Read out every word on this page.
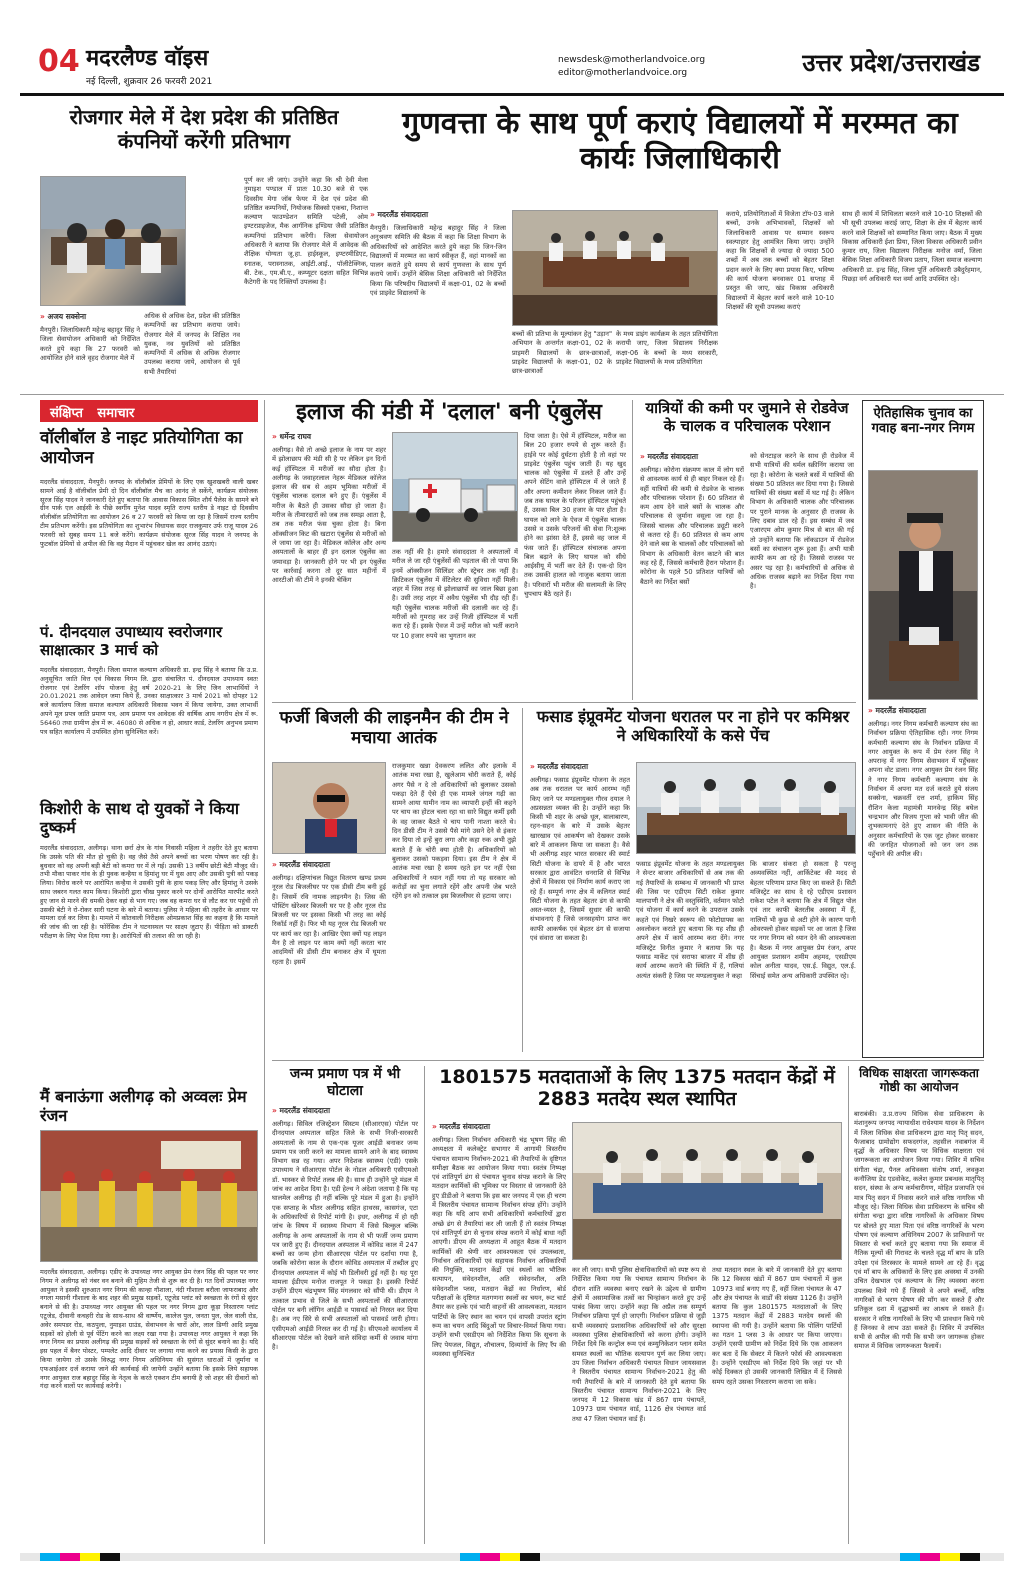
04 मदरलैण्ड वॉइस
नई दिल्ली, शुक्रवार 26 फरवरी 2021
newsdesk@motherlandvoice.org
editor@motherlandvoice.org	उत्तर प्रदेश/उत्तराखंड
रोजगार मेले में देश प्रदेश की प्रतिष्ठित कंपनियों करेंगी प्रतिभाग
पूर्ण कर ली जाएं। उन्होंने कहा कि श्री देवी मेला नुमाइश पण्डाल में प्रातः 10.30 बजे से एक दिवसीय मेगा जॉब फेयर में देश एवं प्रदेश की प्रतिष्ठित कम्पनियों, नियोजक सिक्सो एकचा, निशान्त कल्याण फाउण्डेशन समिति पटेली, ओम इण्टरप्राइजेज, मैक आर्गनिक इण्डिया जैसी प्रतिष्ठित कम्पनियां प्रतिभाग करेंगी। जिला सेवायोजन अधिकारी ने बताया कि रोजगार मेले में आवेदक की शैक्षिक योग्यता जू.हा. हाईस्कूल, इण्टरमीडिएट, स्नातक, परास्नातक, आईटी.आई., पॉलीटेक्निक, बी. टेक., एम.बी.ए., कम्प्यूटर दक्षता सहित विभिन्न कैटेगरी के पद रिक्तियाँ उपलब्ध है।
» अजय सक्सेना
मैनपुरी। जिलाधिकारी महेन्द्र बहादुर सिंह ने जिला सेवायोजन अधिकारी को निर्देशित करते हुये कहा कि 27 फरवरी को आयोजित होने वाले वृहद रोजगार मेले में
अधिक से अधिक देश, प्रदेश की प्रतिष्ठित कम्पनियों का प्रतिभाग कराया जाये। रोजगार मेले में जनपद के शिक्षित नव युवक, नव युवतियों को प्रतिष्ठित कम्पनियों में अधिक से अधिक रोजगार उपलब्ध कराया जाये, आयोजन से पूर्व सभी तैयारियां
गुणवत्ता के साथ पूर्ण कराएं विद्यालयों में मरम्मत का कार्यः जिलाधिकारी
» मदरलैंड संवाददाता
मैनपुरी। जिलाधिकारी महेन्द्र बहादुर सिंह ने जिला अनुश्रवण समिति की बैठक में कहा कि शिक्षा विभाग के अधिकारियों को आदेशित करते हुये कहा कि जिन-जिन विद्यालयों में मरम्मत का कार्य स्वीकृत हैं, वहां मानकों का पालन कराते हुये समय से कार्य गुणवत्ता के साथ पूर्ण कराये जायें। उन्होंने बेसिक शिक्षा अधिकारी को निर्देशित किया कि परिषदीय विद्यालयों में कक्षा-01, 02 के बच्चों एवं प्राइवेट विद्यालयों के
बच्चों की प्रतिभा के मूल्यांकन हेतु "उड़ान" अभियान के अन्तर्गत कक्षा-01, 02 के प्राइमरी विद्यालयों के छात्र-छात्राओं, प्राइवेट विद्यालयों के कक्षा-01, 02 के छात्र-छात्राओं
के मध्य डाइंग कार्यक्रम के तहत प्रतियोगिता करायी जाए, जिला विद्यालय निरीक्षक कक्षा-06 के बच्चों के मध्य सरकारी, प्राइवेट विद्यालयों के मध्य प्रतियोगिता
कराये, प्रतियोगिताओं में विजेता टॉप-03 वाले बच्चों, उनके अभिभावकों, शिक्षकों को जिलाधिकारी आवास पर सम्मान स्वरूप स्वल्पाहार हेतु आमंत्रित किया जाए। उन्होंने कहा कि शिक्षकों से ज्यादा से ज्यादा 500 शब्दों में अब तक बच्चों को बेहतर शिक्षा प्रदान करने के लिए क्या प्रयास किए, भविष्य की कार्य योजना बनवाकर 01 सप्ताह में प्रस्तुत की जाए, खंड विकास अधिकारी विद्यालयों में बेहतर कार्य करने वाले 10-10 शिक्षकों की सूची उपलब्ध कराएं
साथ ही कार्य में शिथिलता बरतने वाले 10-10 शिक्षकों की भी सूची उपलब्ध कराई जाए, शिक्षा के क्षेत्र में बेहतर कार्य करने वाले शिक्षकों को सम्मानित किया जाए। बैठक में मुख्य विकास अधिकारी ईशा प्रिया, जिला विकास अधिकारी प्रवीन कुमार राय, जिला विद्यालय निरीक्षक मनोज वर्मा, जिला बेसिक शिक्षा अधिकारी विजय प्रताप, जिला समाज कल्याण अधिकारी डा. इन्द्र सिंह, जिला पूर्ति अधिकारी उबैदुर्रहमान, पिछड़ा वर्ग अधिकारी यश वर्मा आदि उपस्थित रहे।
संक्षिप्त समाचार
वॉलीबॉल डे नाइट प्रतियोगिता का आयोजन
मदरलैंड संवाददाता, मैनपुरी। जनपद के वॉलीबॉल प्रेमियों के लिए एक खुशखबरी वाली खबर सामने आई है वॉलीबॉल प्रेमी दो दिन वॉलीबॉल मैच का आनंद ले सकेंगे, कार्यक्रम संयोजक सूरज सिंह यादव ने जानकारी देते हुए बताया कि आवास विकास स्थित शौर्य पैलेस के सामने बने ग्रीन पार्क एल आईसी के पीछे स्वर्गीय मुनेश यादव स्मृति राज्य स्तरीय डे नाइट दो दिवसीय वॉलीबॉल प्रतियोगिता का आयोजन 26 व 27 फरवरी को किया जा रहा है जिसमें राज्य स्तरीय टीम प्रतिभाग करेंगी। इस प्रतियोगिता का शुभारंभ विधायक सदर राजकुमार उर्फ राजू यादव 26 फरवरी को सुबह समय 11 बजे करेंगे। कार्यक्रम संयोजक सूरज सिंह यादव ने जनपद के फुटबॉल प्रेमियों से अपील की कि वह मैदान में पहुंचकर खेल का आनंद उठाएं।
पं. दीनदयाल उपाध्याय स्वरोजगार साक्षात्कार 3 मार्च को
मदरलैंड संवाददाता, मैनपुरी। जिला समाज कल्याण अधिकारी डा. इन्द्र सिंह ने बताया कि उ.प्र. अनुसूचित जाति वित्त एवं विकास निगम लि. द्वारा संचालित पं. दीनदयाल उपाध्याय स्वतः रोजगार एवं टेलरिंग शॉप योजना हेतु वर्ष 2020-21 के लिए जिन लाभार्थियों ने 20.01.2021 तक आवेदन जमा किये हैं, उनका साक्षात्कार 3 मार्च 2021 को दोपहर 12 बजे कार्यालय जिला समाज कल्याण अधिकारी विकास भवन में किया जायेगा, उक्त लाभार्थी अपने मूल प्रपत्र जाति प्रमाण पत्र, आय प्रमाण पत्र आवेदक की वार्षिक आय नगरीय क्षेत्र में रू. 56460 तथा ग्रामीण क्षेत्र में रू. 46080 से अधिक न हो, आधार कार्ड, टेलरिंग अनुभव प्रमाण पत्र सहित कार्यालय में उपस्थित होना सुनिश्चित करें।
किशोरी के साथ दो युवकों ने किया दुष्कर्म
मदरलैंड संवाददाता, अलीगढ़। थाना छर्रा क्षेत्र के गांव निवासी महिला ने तहरीर देते हुए बताया कि उसके पति की मौत हो चुकी है। वह जैसे तैसे अपने बच्चों का भरण पोषण कर रही है। बुधवार को वह अपनी बड़ी बेटी को कमरा घर में ले गई। उसकी 13 वर्षीय छोटी बेटी मौजूद थी। तभी मौका पाकर गांव के ही युवक कन्हैया व हिमांशु घर में घुस आए और उसकी पुत्री को पकड़ लिया। विरोध करने पर आरोपित कन्हैया ने उसकी पुत्री के हाथ पकड़ लिए और हिमांशु ने उसके साथ जबरन गलत काम किया। किशोरी द्वारा चीख पुकार करने पर दोनों आरोपित मारपीट करते हुए जान से मारने की धमकी देकर वहां से भाग गए। जब वह कमरा घर से लौट कर घर पहुंची तो उसकी बेटी ने रो-रोकर सारी घटना के बारे में बताया। पुलिस ने महिला की तहरीर के आधार पर मामला दर्ज कर लिया है। मामले में कोतवाली निरीक्षक ओमप्रकाश सिंह का कहना है कि मामले की जांच की जा रही है। फोरेंसिक टीम ने घटनास्थल पर साक्ष्य जुटाए हैं। पीड़िता को डाक्टरी परीक्षण के लिए भेज दिया गया है। आरोपितों की तलाश की जा रही है।
मैं बनाऊंगा अलीगढ़ को अव्वलः प्रेम रंजन
मदरलैंड संवाददाता, अलीगढ़। एडीए के उपाध्यक्ष नगर आयुक्त प्रेम रंजन सिंह की पहल पर नगर निगम ने अलीगढ़ को नंबर वन बनाने की मुहिम तेजी से शुरू कर दी है। गत दिनों उपाध्यक्ष नगर आयुक्त ने इसकी शुरुआत नगर निगम की कान्हा गौशाला, नंदी गौशाला बरौला जाफराबाद और नगला मसानी गौशाला के बाद शहर की प्रमुख सड़कों, एटूजेड प्लांट को स्वच्छता के रंगों से सुंदर बनाने से की है। उपाध्यक्ष नगर आयुक्त की पहल पर नगर निगम द्वारा कूड़ा निस्तारण प्लांट एटूजेड, दीवानी कचहरी रोड के साथ-साथ श्री वार्ष्णेय, कालेज पुल, जनता पुल, जेल वाली रोड, अवेर समपडर रोड, कठपुला, नुमाइश ग्राउंड, सेवाभवन के चारों ओर, लाल डिग्गी आदि प्रमुख सड़कों को होली से पूर्व पेंटिंग करने का लक्ष्य रखा गया है। उपाध्यक्ष नगर आयुक्त ने कहा कि नगर निगम का प्रयास अलीगढ़ की प्रमुख सड़कों को स्वच्छता के रंगों से सुंदर बनाने का है। यदि इस पहल में बैनर पोस्टर, पम्पलेट आदि दीवार पर लगाया गया करने का प्रयास किसी के द्वारा किया जायेगा तो उसके विरुद्ध नगर निगम अधिनियम की सुसंगत धाराओं में जुर्माना व एफआईआर दर्ज कराया जाने की कार्यवाई की जायेगी उन्होंने बताया कि इसके लिये सहायक नगर आयुक्त राज बहादुर सिंह के नेतृत्व के करते एक्शन टीम बनायी है जो शहर की दीवारों को गंदा करने वालों पर कार्यवाई करेगी।
इलाज की मंडी में 'दलाल' बनी एंबुलेंस
» धर्मेन्द्र राघव
अलीगढ़। वैसे तो अच्छे इलाज के नाम पर शहर में झोलाछाप की मंडी सी है पर लेकिन इन दिनों कई हॉस्पिटल में मरीजों का सौदा होता है। अलीगढ़ के जवाहरलाल नेहरू मेडिकल कॉलेज इलाज की सब से अहम भूमिका मरीजों में एंबुलेंस चालक दलाल बने हुए हैं। एंबुलेंस में मरीज के बैठते ही उसका सौदा हो जाता है। मरीज के तीमारदारों को जब तक समझ आता है, तब तक मरीज फंस चुका होता है। बिना ऑक्सीजन किट की खटारा एंबुलेंस से मरीजों को ले जाया जा रहा है। मेडिकल कॉलेज और अन्य अस्पतालों के बाहर ही इन दलाल एंबुलेंस का जमावड़ा है। जानकारी होने पर भी इन एंबुलेंस पर कार्रवाई करना तो दूर सात महीनों में आरटीओ की टीमें ने इनकी चेकिंग
तक नहीं की है। हमारे संवाददाता ने अस्पतालों में मरीज ले जा रही एंबुलेंसों की पड़ताल की तो पाया कि इनमें ऑक्सीजन सिलिंडर और स्ट्रेचर तक नहीं है। क्रिटिकल एंबुलेंस में वेंटिलेटर की सुविधा नहीं मिली। शहर में जिस तरह से झोलाछापों का जाल बिछा हुआ है। उसी तरह शहर में अवैध एंबुलेंस भी दौड़ रही हैं। यही एंबुलेंस चालक मरीजों की दलाली कर रहे हैं। मरीजों को गुमराह कर उन्हें निजी हॉस्पिटल में भर्ती करा रहे हैं। इसके ऐवज में उन्हें मरीज को भर्ती कराने पर 10 हजार रुपये का भुगतान कर
दिया जाता है। ऐसे में हॉस्पिटल, मरीज का बिल 20 हजार रुपये से शुरू करते हैं। हाईवे पर कोई दुर्घटना होती है तो वहां पर प्राइवेट एंबुलेंस पहुंच जाती हैं। यह खुद चालक को एंबुलेंस में डलते हैं और उन्हें अपने सेटिंग वाले हॉस्पिटल में ले जाते हैं और अपना कमीशन लेकर निकल जाते हैं। जब तक घायल के परिजन हॉस्पिटल पहुंचते हैं, उसका बिल 30 हजार के पार होता है। घायल को लाने के ऐवज में एंबुलेंस चालक उससे व उसके परिजनों की सेवा नि:शुल्क होने का झांसा देते हैं, इससे वह जाल में फंस जाते हैं। हॉस्पिटल संचालक अपना बिल बढ़ाने के लिए घायल को सीधे आईसीयू में भर्ती कर देते हैं। एक-दो दिन तक उसकी हालत को नाजुक बताया जाता है। परिवारों भी मरीज की सलामती के लिए चुपचाप बैठे रहते हैं।
यात्रियों की कमी पर जुमाने से रोडवेज के चालक व परिचालक परेशान
» मदरलैंड संवाददाता
अलीगढ़। कोरोना संक्रमण काल में लोग घरों से आवश्यक कार्य से ही बाहर निकल रहे हैं। वहीं यात्रियों की कमी से रोडवेज के चालक और परिचालक परेशान हैं। 60 प्रतिशत से कम आय देने वाले बसों के चालक और परिचालक से जुर्माना वसूला जा रहा है। जिससे चालक और परिचालक ड्यूटी करने से कतरा रहे हैं। 60 प्रतिशत से कम आय देने वाले बस के चालकों और परिचालकों को विभाग के अधिकारी वेतन काटने की बात कह रहे हैं, जिससे कर्मचारी हैरान परेशान हैं। कोरोना के पहले 50 प्रतिशत यात्रियों को बैठाने का निर्देश बसों
को सेनटाइज करने के साथ ही रोडवेज में सभी यात्रियों की थर्मल स्क्रीनिंग कराया जा रहा है। कोरोना के चलते बसों में यात्रियों की संख्या 50 प्रतिशत कर दिया गया है। जिससे यात्रियों की संख्या बसों में घट गई है। लेकिन विभाग के अधिकारी चालक और परिचालक पर पुराने मानक के अनुसार ही राजस्व के लिए दबाव डाल रहे हैं। इस सम्बंध में जब एआरएम ओम कुमार मिश्र से बात की गई तो उन्होंने बताया कि लॉकडाउन में रोडवेज बसों का संचालन शुरू हुआ हैं। अभी यात्री काफी कम आ रहे हैं। जिससे राजस्व पर असर पड़ रहा है। कर्मचारियों से अधिक से अधिक राजस्व बढ़ाने का निर्देश दिया गया है।
ऐतिहासिक चुनाव का गवाह बना-नगर निगम
» मदरलैंड संवाददाता
अलीगढ़। नगर निगम कर्मचारी कल्याण संघ का निर्वाचन प्रक्रिया ऐतिहासिक रही। नगर निगम कर्मचारी कल्याण संघ के निर्वाचन प्रक्रिया में नगर आयुक्त के रूप में प्रेम रंजन सिंह ने अपरान्ह में नगर निगम सेवाभवन में पहुँचकर अपना वोट डाला। नगर आयुक्त प्रेम रंजन सिंह ने नगर निगम कर्मचारी कल्याण संघ के निर्वाचन में अपना मत दर्ज कराते हुये संजय सक्सेना, चक्रवर्ती दत्त शर्मा, हाकिम सिंह रौशिन केला महामंत्री मानवेन्द्र सिंह बघेल चन्द्रभान और विजय गुप्ता को भावी जीत की शुभकामनाएं देते हुए शासन की नीति के अनुसार कर्मचारियों के एक जुट होकर सरकार की जनहित योजनाओं को जन जन तक पहुँचाने की अपील की।
फर्जी बिजली की लाइनमैन की टीम ने मचाया आतंक
» मदरलैंड संवाददाता
अलीगढ़। दक्षिणांचल विद्युत वितरण खण्ड प्रथम नूरल रोड बिजलीघर पर एक डीसी टीम बनी हुई है। जिसमें रवि नामक लाइनमैन है। जिस की पोस्टिंग खेरेश्वर बिजली घर पर है और नूरल रोड बिजली घर पर इसका किसी भी तरह का कोई रिकॉर्ड नहीं है। फिर भी यह नूरल रोड बिजली घर पर कार्य कर रहा है। आखिर ऐसा क्यों यह लाइन मैन है तो लाइन पर काम क्यों नहीं करता चार आदमियों की डीसी टीम बनाकर क्षेत्र में घूमता रहता है। इसमें
राजकुमार खन्ना देवकरण ललित और इलाके में आतंक मचा रखा है, खुलेआम चोरी कराते हैं, कोई अगर पैसे न दे तो अधिकारियों को बुलाकर उसको पकड़ा देते हैं ऐसे ही एक मामले जंगल गढ़ी का सामने आया यामीन नाम का व्यापारी इन्हीं की कहने पर चाय का होटल चला रहा था सारे विद्युत कर्मी इसी के वह जाकर बैठते थे चाय पानी नाश्ता करते थे। दिन डीसी टीम ने उससे पैसे मांगे उसने देने से इंकार कर दिया तो इन्हें बुरा लगा और कहा रुक अभी तुझे बताते हैं के चोरी क्या होती है। अधिकारियों को बुलाकर उसको पकड़वा दिया। इस टीम ने क्षेत्र में आतंक मचा रखा है समय रहते इन पर नहीं ऐसा अधिकारियों ने ध्यान नहीं गया तो यह सरकार को करोड़ों का चुना लगाते रहेंगे और अपनी जेब भरते रहेंगे इन को तत्काल इस बिजलीघर से हटाया जाए।
फसाड इंप्रूवमेंट योजना धरातल पर ना होने पर कमिश्नर ने अधिकारियों के कसे पेंच
» मदरलैंड संवाददाता
अलीगढ़। फसाड इंप्रूवमेंट योजना के तहत अब तक धरातल पर कार्य आरम्भ नहीं किए जाने पर मण्डलायुक्त गौरव दयाल ने अप्रसन्नता व्यक्त की है। उन्होंने कहा कि किसी भी शहर के अच्छे धूल, बालाबारण, रहन-सहन के बारे में उसके बेहतर खारखाव एवं आकर्षण को देखकर उसके बारे में आकलन किया जा सकता है। वैसे भी अलीगढ़ शहर भारत सरकार की स्मार्ट सिटी योजना के दायरे में है और भारत सरकार द्वारा आवंटित धनराशि से विभिन्न क्षेत्रों में विकास एवं निर्माण कार्य कराए जा रहे हैं। सम्पूर्ण नगर क्षेत्र में कलिगत स्मार्ट सिटी योजना के तहत बेहतर ढंग से काफी अस्त-व्यस्त है, जिसमें सुधार की काफी संभावनाएं हैं जिसे जनसहयोग प्राप्त कर काफी आकर्षक एवं बेहतर ढंग से सजाया एवं संवारा जा सकता है।
फसाड इंप्रूवमेंट योजना के तहत मण्डलायुक्त ने सेन्टर बाजार अधिकारियों से अब तक की गई तैयारियों के सम्बन्ध में जानकारी भी प्राप्त की जिस पर एडीएम सिटी राकेश कुमार मालपाणी ने क्षेत्र की वस्तुस्थिति, वर्तमान फोटो एवं योजना में कार्य करने के उपरान्त उसके कहते एवं निखरे स्वरूप की फोटोग्राफ्स का अवलोकन कराते हुए बताया कि यह शीघ्र ही अपने क्षेत्र में कार्य आरम्भ करा देंगे। नगर मजिस्ट्रेट विनीत कुमार ने बताया कि यह फसाड मार्केट एवं सराफा बाजार में शीघ्र ही कार्य आरम्भ कराने की स्थिति में हैं, गलियां अत्यंत संकरी है जिस पर मण्डलायुक्त ने कहा
कि बाजार संकरा हो सकता है परन्तु अव्यवस्थित नहीं, आर्किटेक्ट की मदद से बेहतर परिणाम प्राप्त किए जा सकते हैं। सिटी मजिस्ट्रेट का साथ दे रहे एडीएम प्रशासन राकेश पटेल ने बताया कि क्षेत्र में विद्युत पोल एवं तार काफी बेतरतीब अवस्था में हैं, नालियों भी कुछ से अटी होने के कारण पानी ओवरफ्लो होकर सड़कों पर आ जाता है जिस पर नगर निगम को ध्यान देने की आवश्यकता है। बैठक में नगर आयुक्त प्रेम रंजन, अपर आयुक्त प्रशासन शमीम अहमद, एसडीएम कोल अनीता यादव, एस.ई. विद्युत, एल.ई. सिंचाई समेत अन्य अधिकारी उपस्थित रहे।
जन्म प्रमाण पत्र में भी घोटाला
» मदरलैंड संवाददाता
अलीगढ़। सिविल रजिस्ट्रेशन सिस्टम (सीआरएस) पोर्टल पर दीनदयाल अस्पताल सहित जिले के सभी निजी-सरकारी अस्पतालों के नाम से एक-एक यूजर आईडी बनाकर जन्म प्रमाण पत्र जारी करने का मामला सामने आने के बाद स्वास्थ्य विभाग सन्न रह गया। अपर निदेशक स्वास्थ्य (एडी) एसके उपाध्याय ने सीआरएस पोर्टल के नोडल अधिकारी एसीएमओ डॉ. भास्कर से रिपोर्ट तलब की है। साथ ही उन्होंने पूरे मंडल में जांच का आदेश दिया है। एडी हेल्थ ने अंदेशा जताया है कि यह घालमेल अलीगढ़ ही नहीं बल्कि पूरे मंडल में हुआ है। इन्होंने एक सप्ताह के भीतर अलीगढ़ सहित हाथरस, कासगंज, एटा के अधिकारियों से रिपोर्ट मांगी है। इधर, अलीगढ़ में हो रही जांच के विषय में स्वास्थ्य विभाग में जिसे बिल्कुल बल्कि अलीगढ़ के अन्य अस्पतालों के नाम से भी फर्जी जन्म प्रमाण पत्र जारी हुए हैं। दीनदयाल अस्पताल में कोविड काल में 247 बच्चों का जन्म होना सीआरएस पोर्टल पर दर्शाया गया है, जबकि कोरोना काल के दौरान कोविड अस्पताल में तब्दील हुए दीनदयाल अस्पताल में कोई भी डिलीवरी हुई नहीं है। यह पूरा मामला ईडीएम मनोज राजपूत ने पकड़ा है। इसकी रिपोर्ट उन्होंने डीएम चंद्रभूषण सिंह मंगलवार को सौंपी थी। डीएम ने तत्काल प्रभाव से जिले के सभी अस्पतालों की सीआरएस पोर्टल पर बनी लॉगिन आईडी व पासवर्ड को निरस्त कर दिया है। अब नए सिरे से सभी अस्पतालों को पासवर्ड जारी होगा। एसीएमओ आईडी निरस्त कर दी गई है। सीएमओ कार्यालय में सीआरएस पोर्टल को देखने वाले संविदा कर्मी से जवाब मांगा है।
1801575 मतदाताओं के लिए 1375 मतदान केंद्रों में 2883 मतदेय स्थल स्थापित
» मदरलैंड संवाददाता
अलीगढ़। जिला निर्वाचन अधिकारी चंद्र भूषण सिंह की अध्यक्षता में कलेक्ट्रेट सभागार में आगामी त्रिस्तरीय पंचायत सामान्य निर्वाचन-2021 की तैयारियों के दृष्टिगत समीक्षा बैठक का आयोजन किया गया। स्वतंत्र निष्पक्ष एवं शांतिपूर्ण ढंग से पंचायत चुनाव संपन्न कराने के लिए मतदान कार्मिकों की भूमिका पर विस्तार से जानकारी देते हुए डीडीओ ने बताया कि इस बार जनपद में एक ही चरण में त्रिस्तरीय पंचायत सामान्य निर्वाचन संपन्न होंगे। उन्होंने कहा कि यदि आप सभी अधिकारियों कर्मचारियों द्वारा अच्छे ढंग से तैयारियां कर ली जाती हैं तो स्वतंत्र निष्पक्ष एवं शांतिपूर्ण ढंग से चुनाव संपन्न कराने में कोई बाधा नहीं आएगी। डीएम की अध्यक्षता में आहूत बैठक में मतदान कार्मिकों की श्रेणी वार आवश्यकता एवं उपलब्धता, निर्वाचन अधिकारियों एवं सहायक निर्वाचन अधिकारियों की नियुक्ति, मतदान केंद्रों एवं स्थलों का भौतिक सत्यापन, संवेदनशील, अति संवेदनशील, अति संवेदनशील प्लस, मतदान केंद्रों का निर्धारण, बोर्ड परीक्षाओं के दृष्टिगत मतगणना स्थलों का चयन, रूट चार्ट तैयार कर हल्के एवं भारी वाहनों की आवश्यकता, मतदान पार्टियों के लिए स्थान का चयन एवं वापसी उपरांत स्ट्रांग रूम का चयन आदि बिंदुओं पर विचार-विमर्श किया गया। उन्होंने सभी एसडीएम को निर्देशित किया कि सूचना के लिए पेयजल, विद्युत, शौचालय, दिव्यांगों के लिए रैंप की व्यवस्था सुनिश्चित
कर ली जाए। सभी पुलिस क्षेत्राधिकारियों को स्पष्ट रूप से निर्देशित किया गया कि पंचायत सामान्य निर्वाचन के दौरान शांति व्यवस्था बनाए रखने के उद्देश्य से ग्रामीण क्षेत्रों में असामाजिक तत्वों का चिन्हांकन करते हुए उन्हें पाबंद किया जाए। उन्होंने कहा कि अप्रैल तक सम्पूर्ण निर्वाचन प्रक्रिया पूर्ण हो जाएगी। निर्वाचन प्रक्रिया से जुड़ी सभी व्यवस्थाएं प्रशासनिक अधिकारियों को और सुरक्षा व्यवस्था पुलिस क्षेत्राधिकारियों को करना होगी। उन्होंने निर्देश दिये कि कन्ट्रोल रूम एवं कम्युनिकेशन प्लान समेत समस्त स्थलों का भौतिक सत्यापन पूर्ण कर लिया जाए। उप जिला निर्वाचन अधिकारी पंचायत विधान जायसवाल ने त्रिस्तरीय पंचायत सामान्य निर्वाचन-2021 हेतु की गयी तैयारियों के बारे में जानकारी देते हुये बताया कि त्रिस्तरीय पंचायत सामान्य निर्वाचन-2021 के लिए जनपद में 12 विकास खंड में 867 ग्राम पंचायतें, 10973 ग्राम पंचायत वार्ड, 1126 क्षेत्र पंचायत वार्ड तथा 47 जिला पंचायत वार्ड हैं।
तथा मतदान स्थल के बारे में जानकारी देते हुए बताया कि 12 विकास खंडों में 867 ग्राम पंचायतों में कुल 10973 वार्ड बनाए गए हैं, वहीं जिला पंचायत के 47 और क्षेत्र पंचायत के वार्डों की संख्या 1126 है। उन्होंने बताया कि कुल 1801575 मतदाताओं के लिए 1375 मतदान केंद्रों में 2883 मतदेय स्थलों की स्थापना की गयी है। उन्होंने बताया कि पोलिंग पार्टियों का गठन 1 प्लस 3 के आधार पर किया जाएगा। उन्होंने एसपी ग्रामीण को निर्देश दिये कि एक आकलन कर बता दें कि सेक्टर में कितने फोर्स की आवश्यकता है। उन्होंने एसडीएम को निर्देश दिये कि जहां पर भी कोई दिक्कत हो उसकी जानकारी लिखित में दें जिससे समय रहते उसका निस्तारण कराया जा सके।
विधिक साक्षरता जागरूकता गोष्ठी का आयोजन
बाराबंकी। उ.प्र.राज्य विधिक सेवा प्राधिकरण के मंशानुरूप जनपद न्यायाधीश राधेश्याम यादव के निर्देशन में जिला विधिक सेवा प्राधिकरण द्वारा मातृ पितृ सदन, फैजाबाद ग्रामोद्योग सफदरगंज, तहसील नवाबगंज में वृद्धों के अधिकार विषय पर विधिक साक्षरता एवं जागरूकता का आयोजन किया गया। शिविर में सचिव संगीता चंद्रा, पैनल अधिवक्ता संतोष शर्मा, लवकुश कनौजिया डेड एडवोकेट, कलेश कुमार प्रबन्धक मातृपितृ सदन, संस्था के अन्य कर्मचारीगण, मोहित प्रजापति एवं मात्र पितृ सदन में निवास करने वाले वरिष्ठ नागरिक भी मौजूद रहे। जिला विधिक सेवा प्राधिकरण के सचिव श्री संगीता चन्द्रा द्वारा वरिष्ठ नागरिकों के अधिकार विषय पर बोलते हुए माता पिता एवं वरिष्ठ नागरिकों के भरण पोषण एवं कल्याण अधिनियम 2007 के प्राविधानों पर विस्तार से चर्चा करते हुए बताया गया कि समाज में नैतिक मूल्यों की गिरावट के चलते वृद्ध माँ बाप के प्रति उपेक्षा एवं तिरस्कार के मामले सामने आ रहे हैं। वृद्ध एवं माँ बाप के अधिकारों के लिए इस अवस्था में उनकी उचित देखभाल एवं कल्याण के लिए व्यवस्था करना उपलब्ध किये गये हैं जिससे वे अपने बच्चों, वरिष्ठ नागरिकों से भरण पोषण की माँग कर सकते हैं और प्रतिकूल दशा में वृद्धाश्रमों का आश्रय ले सकते हैं। सरकार ने वरिष्ठ नागरिकों के लिए भी प्रावधान किये गये हैं जिनका वे लाभ उठा सकते हैं। शिविर में उपस्थित सभी से अपील की गयी कि सभी जन जागरूक होकर समाज में विधिक जागरूकता फैलायें।
